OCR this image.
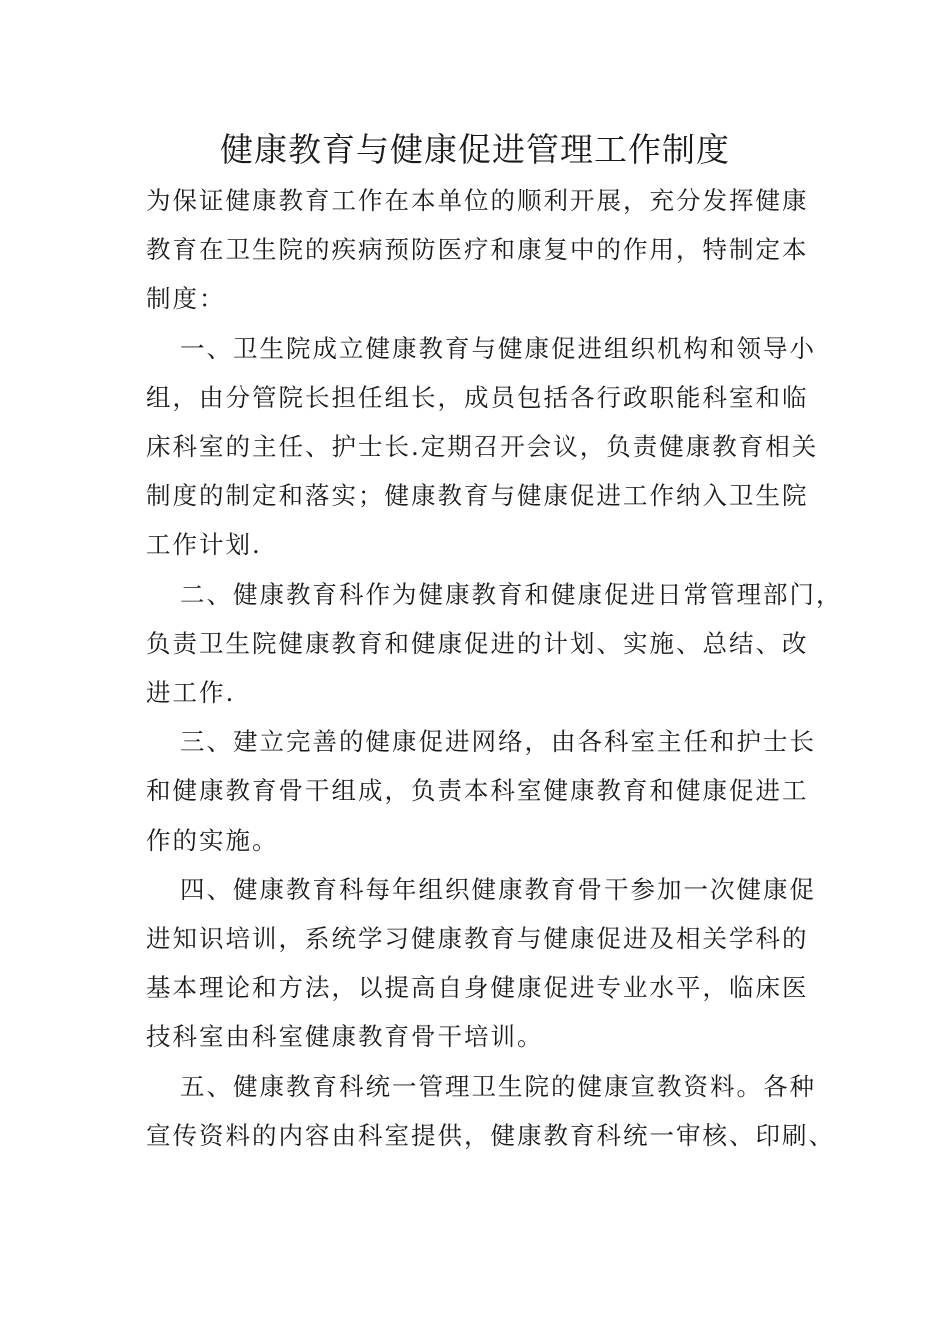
健康教育与健康促进管理工作制度

为保证健康教育工作在本单位的顺利开展，充分发挥健康
教育在卫生院的疾病预防医疗和康复中的作用，特制定本
制度：

一、卫生院成立健康教育与健康促进组织机构和领导小
组，由分管院长担任组长，成员包括各行政职能科室和临
床科室的主任、护士长.定期召开会议，负责健康教育相关
制度的制定和落实；健康教育与健康促进工作纳入卫生院
工作计划.

二、健康教育科作为健康教育和健康促进日常管理部门，
负责卫生院健康教育和健康促进的计划、实施、总结、改
进工作.

三、建立完善的健康促进网络，由各科室主任和护士长
和健康教育骨干组成，负责本科室健康教育和健康促进工
作的实施。

四、健康教育科每年组织健康教育骨干参加一次健康促
进知识培训，系统学习健康教育与健康促进及相关学科的
基本理论和方法，以提高自身健康促进专业水平，临床医
技科室由科室健康教育骨干培训。

五、健康教育科统一管理卫生院的健康宣教资料。各种
宣传资料的内容由科室提供，健康教育科统一审核、印刷、
